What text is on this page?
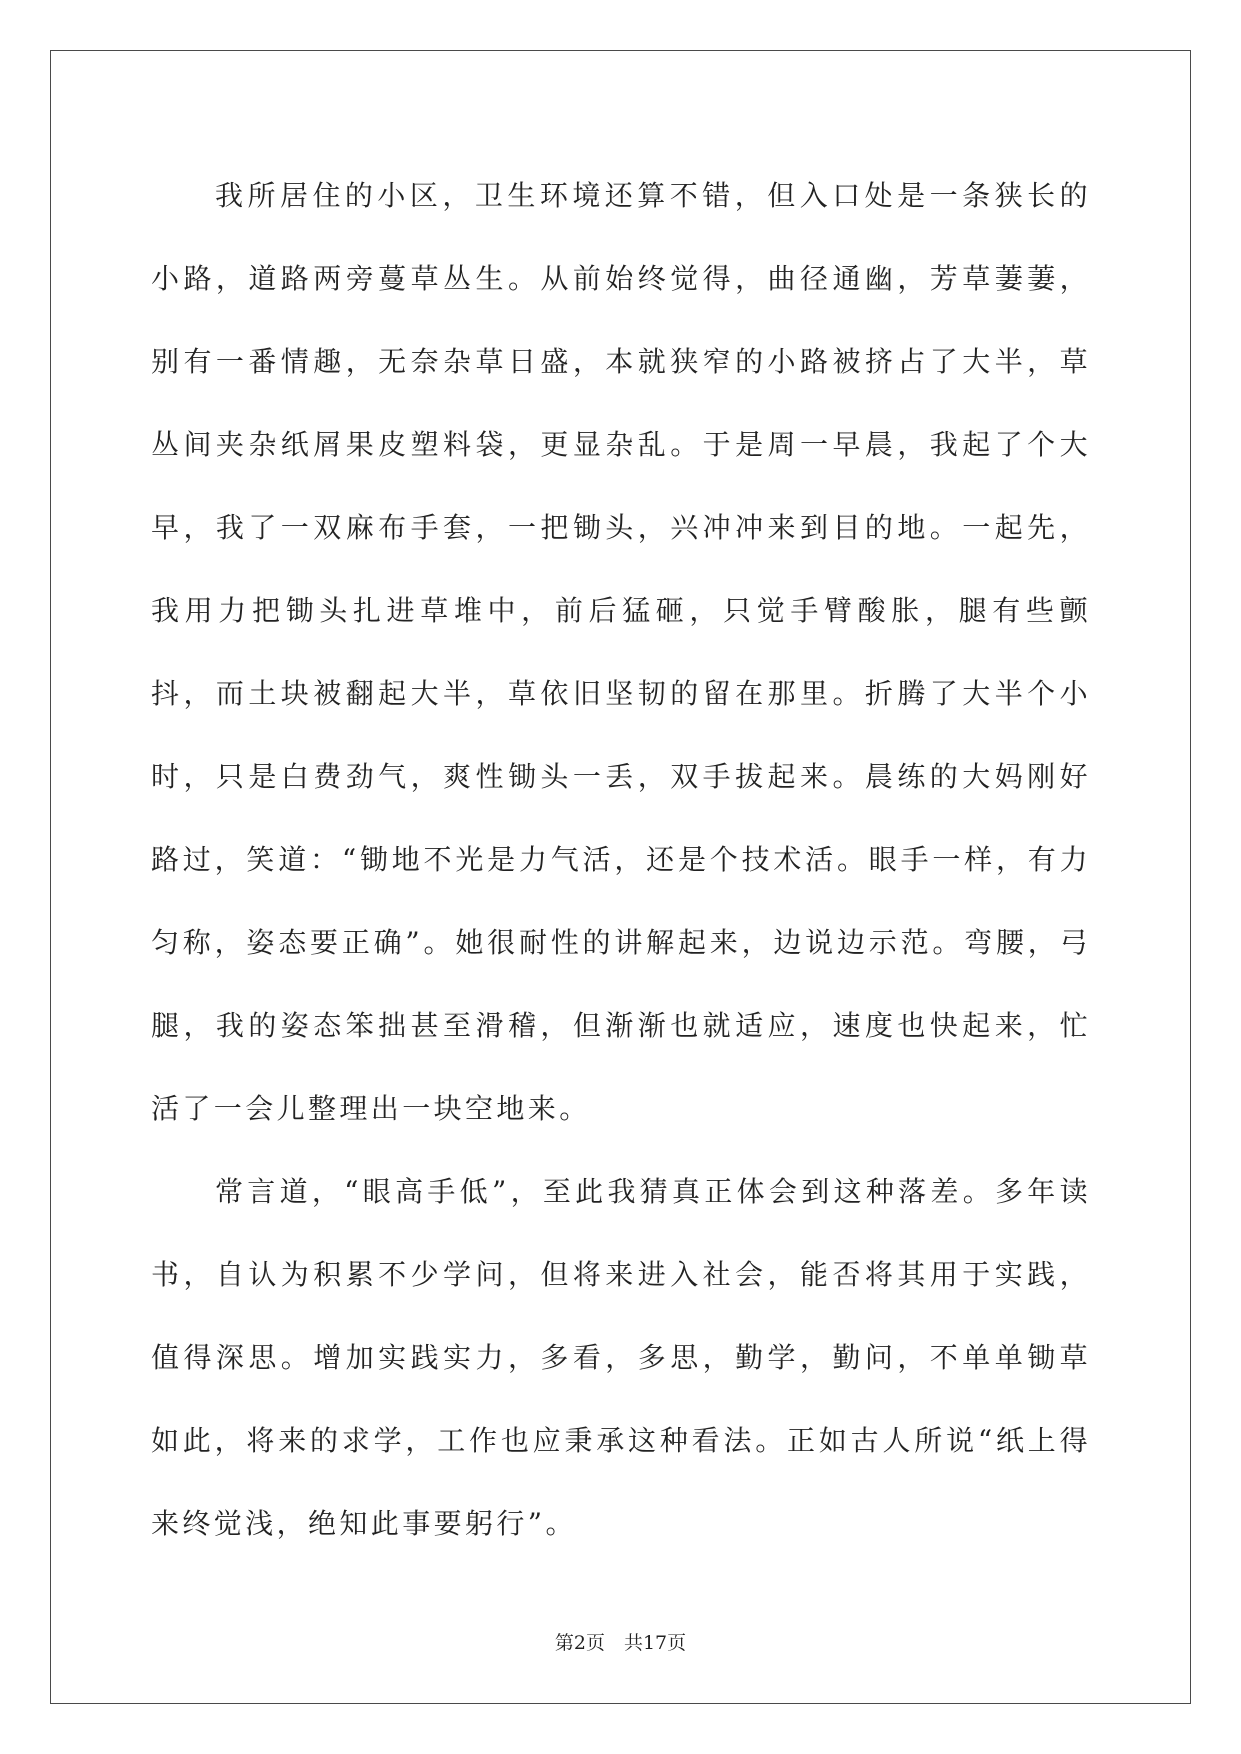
我所居住的小区，卫生环境还算不错，但入口处是一条狭长的小路，道路两旁蔓草丛生。从前始终觉得，曲径通幽，芳草萋萋，别有一番情趣，无奈杂草日盛，本就狭窄的小路被挤占了大半，草丛间夹杂纸屑果皮塑料袋，更显杂乱。于是周一早晨，我起了个大早，我了一双麻布手套，一把锄头，兴冲冲来到目的地。一起先，我用力把锄头扎进草堆中，前后猛砸，只觉手臂酸胀，腿有些颤抖，而土块被翻起大半，草依旧坚韧的留在那里。折腾了大半个小时，只是白费劲气，爽性锄头一丢，双手拔起来。晨练的大妈刚好路过，笑道：“锄地不光是力气活，还是个技术活。眼手一样，有力匀称，姿态要正确”。她很耐性的讲解起来，边说边示范。弯腰，弓腿，我的姿态笨拙甚至滑稽，但渐渐也就适应，速度也快起来，忙活了一会儿整理出一块空地来。

常言道，“眼高手低”，至此我猜真正体会到这种落差。多年读书，自认为积累不少学问，但将来进入社会，能否将其用于实践，值得深思。增加实践实力，多看，多思，勤学，勤问，不单单锄草如此，将来的求学，工作也应秉承这种看法。正如古人所说“纸上得来终觉浅，绝知此事要躬行”。

第2页　共17页
